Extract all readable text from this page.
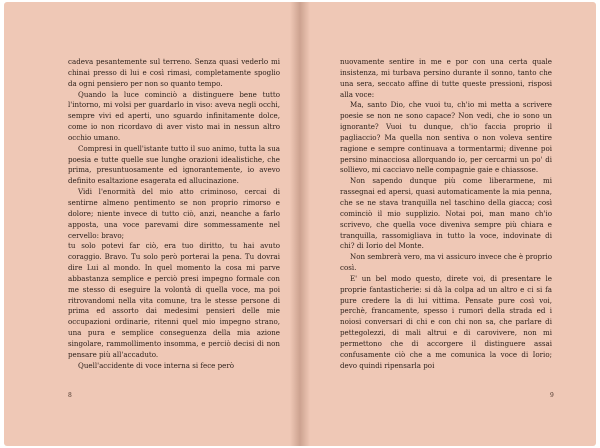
cadeva pesantemente sul terreno. Senza quasi vederlo mi chinai presso di lui e così rimasi, completamente spoglio da ogni pensiero per non so quanto tempo.

Quando la luce cominciò a distinguere bene tutto l'intorno, mi volsi per guardarlo in viso: aveva negli occhi, sempre vivi ed aperti, uno sguardo infinitamente dolce, come io non ricordavo di aver visto mai in nessun altro occhio umano.

Compresi in quell'istante tutto il suo animo, tutta la sua poesia e tutte quelle sue lunghe orazioni idealistiche, che prima, presuntuosamente ed ignorantemente, io avevo definito esaltazione esagerata ed allucinazione.

Vidi l'enormità del mio atto criminoso, cercai di sentirne almeno pentimento se non proprio rimorso e dolore; niente invece di tutto ciò, anzi, neanche a farlo apposta, una voce parevami dire sommessamente nel cervello: bravo;

tu solo potevi far ciò, era tuo diritto, tu hai avuto coraggio. Bravo. Tu solo però porterai la pena. Tu dovrai dire Lui al mondo. In quel momento la cosa mi parve abbastanza semplice e perciò presi impegno formale con me stesso di eseguire la volontà di quella voce, ma poi ritrovandomi nella vita comune, tra le stesse persone di prima ed assorto dai medesimi pensieri delle mie occupazioni ordinarie, ritenni quel mio impegno strano, una pura e semplice conseguenza della mia azione singolare, rammollimento insomma, e perciò decisi di non pensare più all'accaduto.

Quell'accidente di voce interna si fece però

8

nuovamente sentire in me e por con una certa quale insistenza, mi turbava persino durante il sonno, tanto che una sera, seccato affine di tutte queste pressioni, risposi alla voce:

Ma, santo Dio, che vuoi tu, ch'io mi metta a scrivere poesie se non ne sono capace? Non vedi, che io sono un ignorante? Vuoi tu dunque, ch'io faccia proprio il pagliaccio? Ma quella non sentiva o non voleva sentire ragione e sempre continuava a tormentarmi; divenne poi persino minacciosa allorquando io, per cercarmi un po' di sollievo, mi cacciavo nelle compagnie gaie e chiassose.

Non sapendo dunque più come liberarmene, mi rassegnai ed apersi, quasi automaticamente la mia penna, che se ne stava tranquilla nel taschino della giacca; così cominciò il mio supplizio. Notai poi, man mano ch'io scrivevo, che quella voce diveniva sempre più chiara e tranquilla, rassomigliava in tutto la voce, indovinate di chi? di Iorio del Monte.

Non sembrerà vero, ma vi assicuro invece che è proprio così.

E' un bel modo questo, direte voi, di presentare le proprie fantasticherie: si dà la colpa ad un altro e ci si fa pure credere la di lui vittima. Pensate pure così voi, perchè, francamente, spesso i rumori della strada ed i noiosi conversari di chi e con chi non sa, che parlare di pettegolezzi, di mali altrui e di carovivere, non mi permettono che di accorgere il distinguere assai confusamente ciò che a me comunica la voce di Iorio; devo quindi ripensarla poi

9
